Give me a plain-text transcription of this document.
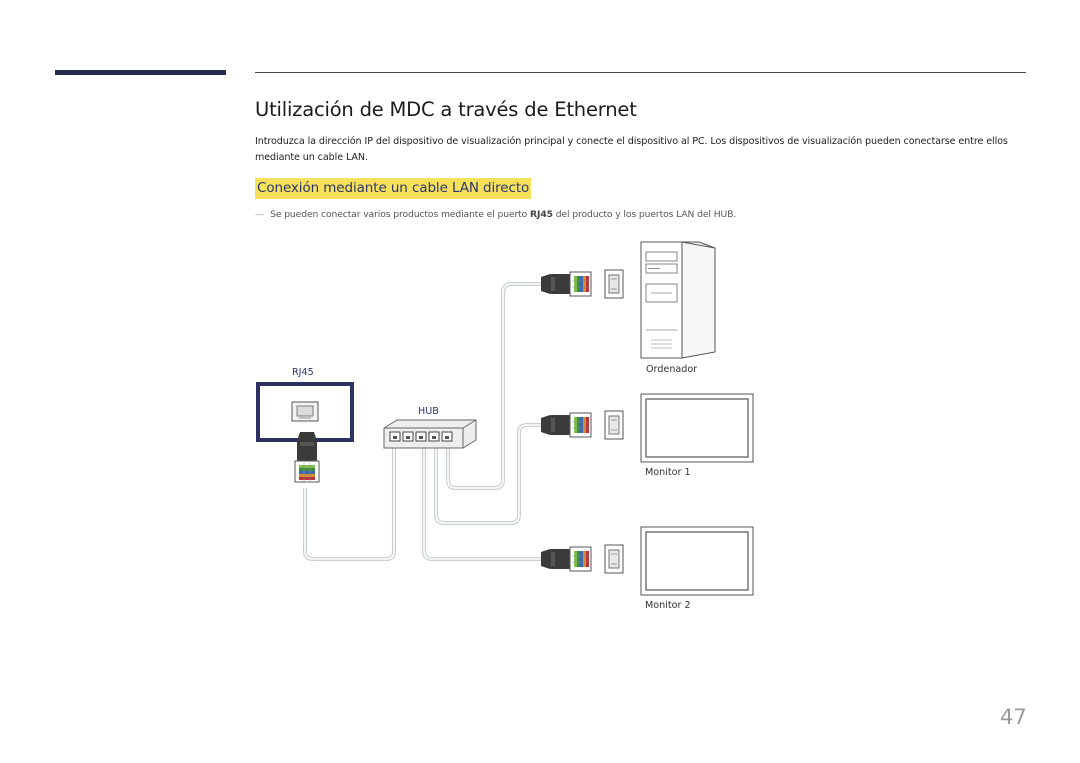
Utilización de MDC a través de Ethernet

Introduzca la dirección IP del dispositivo de visualización principal y conecte el dispositivo al PC. Los dispositivos de visualización pueden conectarse entre ellos mediante un cable LAN.

Conexión mediante un cable LAN directo
— Se pueden conectar varios productos mediante el puerto RJ45 del producto y los puertos LAN del HUB.
RJ45
HUB
Ordenador
Monitor 1
Monitor 2
47
